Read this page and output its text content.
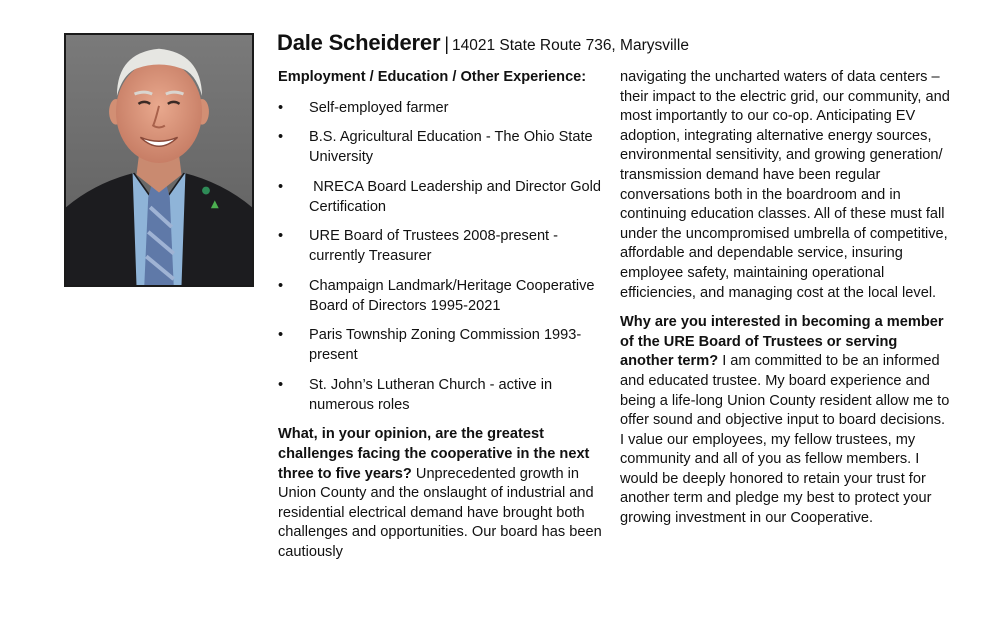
Dale Scheiderer | 14021 State Route 736, Marysville
Employment / Education / Other Experience:
• Self-employed farmer
• B.S. Agricultural Education - The Ohio State University
•  NRECA Board Leadership and Director Gold Certification
• URE Board of Trustees 2008-present - currently Treasurer
• Champaign Landmark/Heritage Cooperative Board of Directors 1995-2021
• Paris Township Zoning Commission 1993-present
• St. John’s Lutheran Church - active in numerous roles

What, in your opinion, are the greatest challenges facing the cooperative in the next three to five years? Unprecedented growth in Union County and the onslaught of industrial and residential electrical demand have brought both challenges and opportunities. Our board has been cautiously

navigating the uncharted waters of data centers – their impact to the electric grid, our community, and most importantly to our co-op. Anticipating EV adoption, integrating alternative energy sources, environmental sensitivity, and growing generation/ transmission demand have been regular conversations both in the boardroom and in continuing education classes. All of these must fall under the uncompromised umbrella of competitive, affordable and dependable service, insuring employee safety, maintaining operational efficiencies, and managing cost at the local level.

Why are you interested in becoming a member of the URE Board of Trustees or serving another term? I am committed to be an informed and educated trustee. My board experience and being a life-long Union County resident allow me to offer sound and objective input to board decisions. I value our employees, my fellow trustees, my community and all of you as fellow members. I would be deeply honored to retain your trust for another term and pledge my best to protect your growing investment in our Cooperative.
